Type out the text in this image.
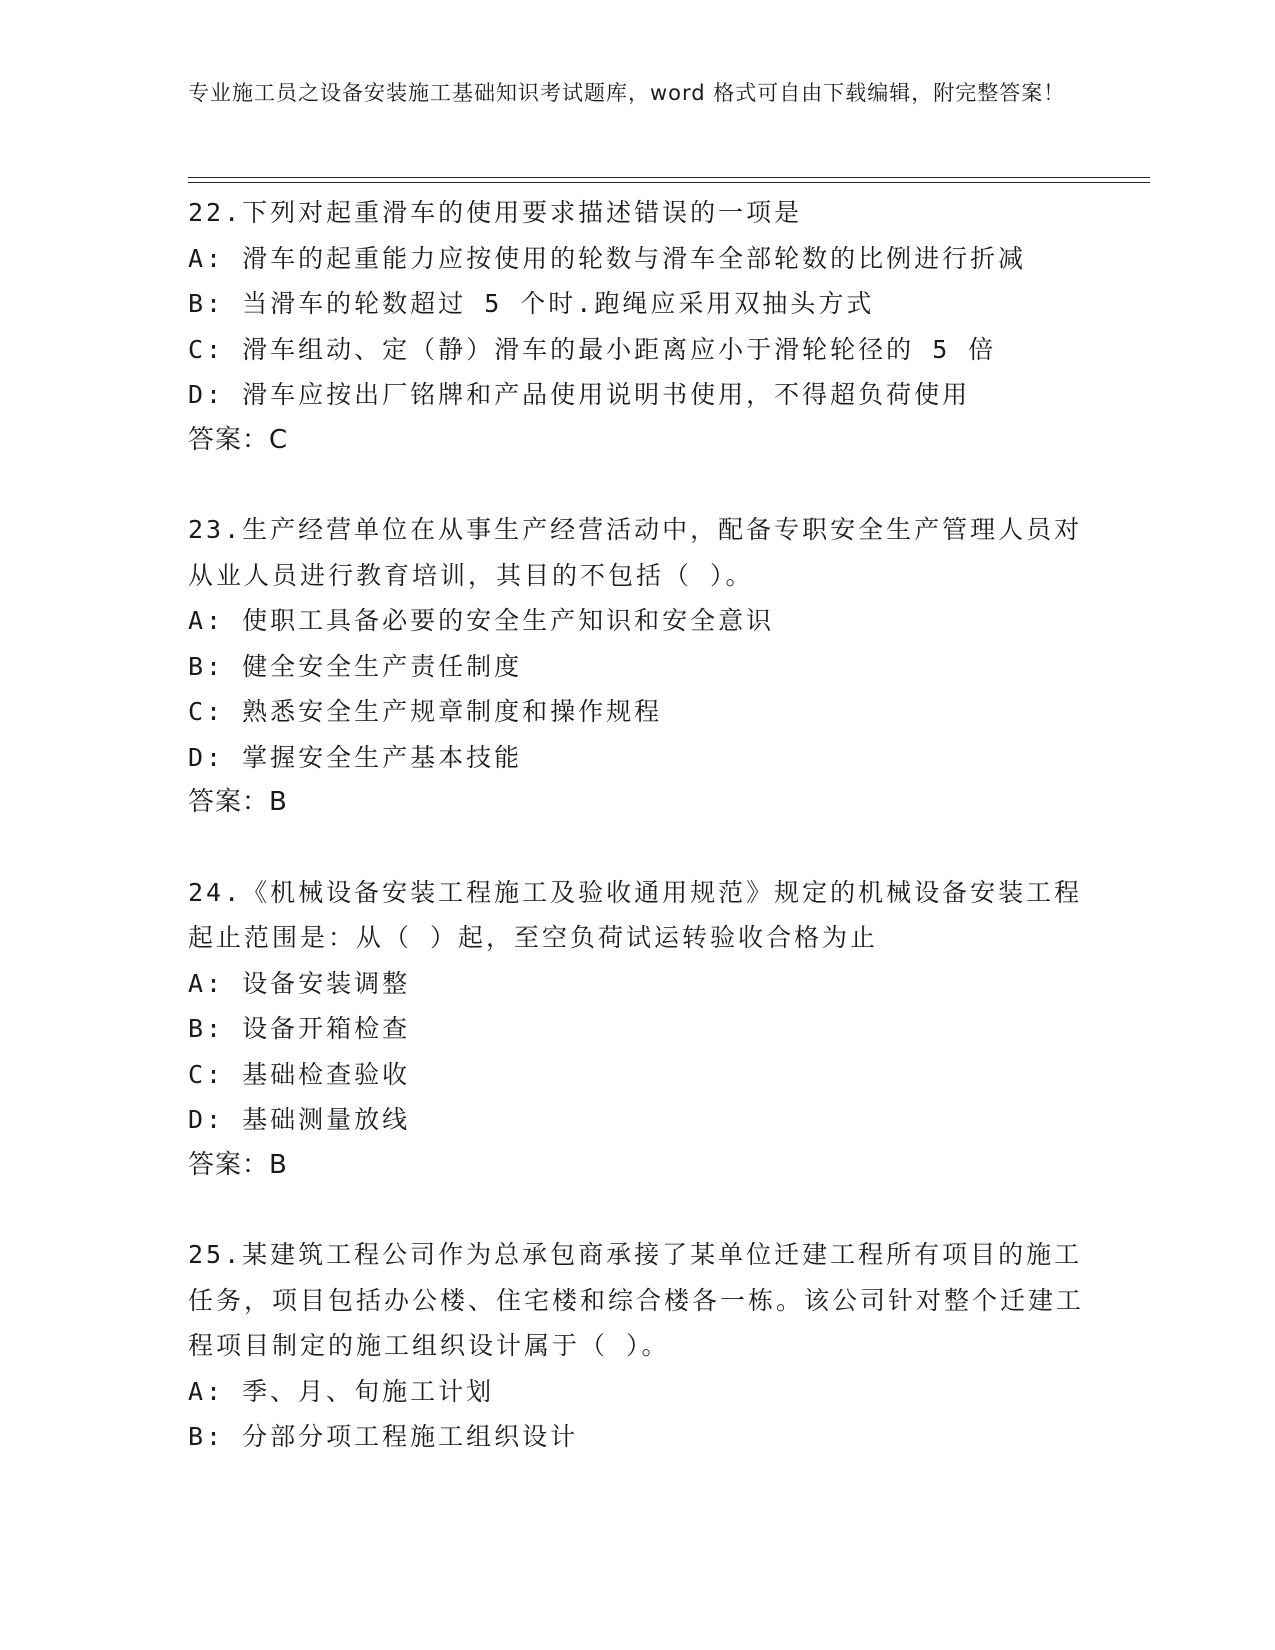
专业施工员之设备安装施工基础知识考试题库，word 格式可自由下载编辑，附完整答案！
22.下列对起重滑车的使用要求描述错误的一项是
A: 滑车的起重能力应按使用的轮数与滑车全部轮数的比例进行折减
B: 当滑车的轮数超过 5 个时.跑绳应采用双抽头方式
C: 滑车组动、定（静）滑车的最小距离应小于滑轮轮径的 5 倍
D: 滑车应按出厂铭牌和产品使用说明书使用，不得超负荷使用
答案：C
23.生产经营单位在从事生产经营活动中，配备专职安全生产管理人员对从业人员进行教育培训，其目的不包括（ ）。
A: 使职工具备必要的安全生产知识和安全意识
B: 健全安全生产责任制度
C: 熟悉安全生产规章制度和操作规程
D: 掌握安全生产基本技能
答案：B
24.《机械设备安装工程施工及验收通用规范》规定的机械设备安装工程起止范围是：从（ ）起，至空负荷试运转验收合格为止
A: 设备安装调整
B: 设备开箱检查
C: 基础检查验收
D: 基础测量放线
答案：B
25.某建筑工程公司作为总承包商承接了某单位迁建工程所有项目的施工任务，项目包括办公楼、住宅楼和综合楼各一栋。该公司针对整个迁建工程项目制定的施工组织设计属于（ ）。
A: 季、月、旬施工计划
B: 分部分项工程施工组织设计
